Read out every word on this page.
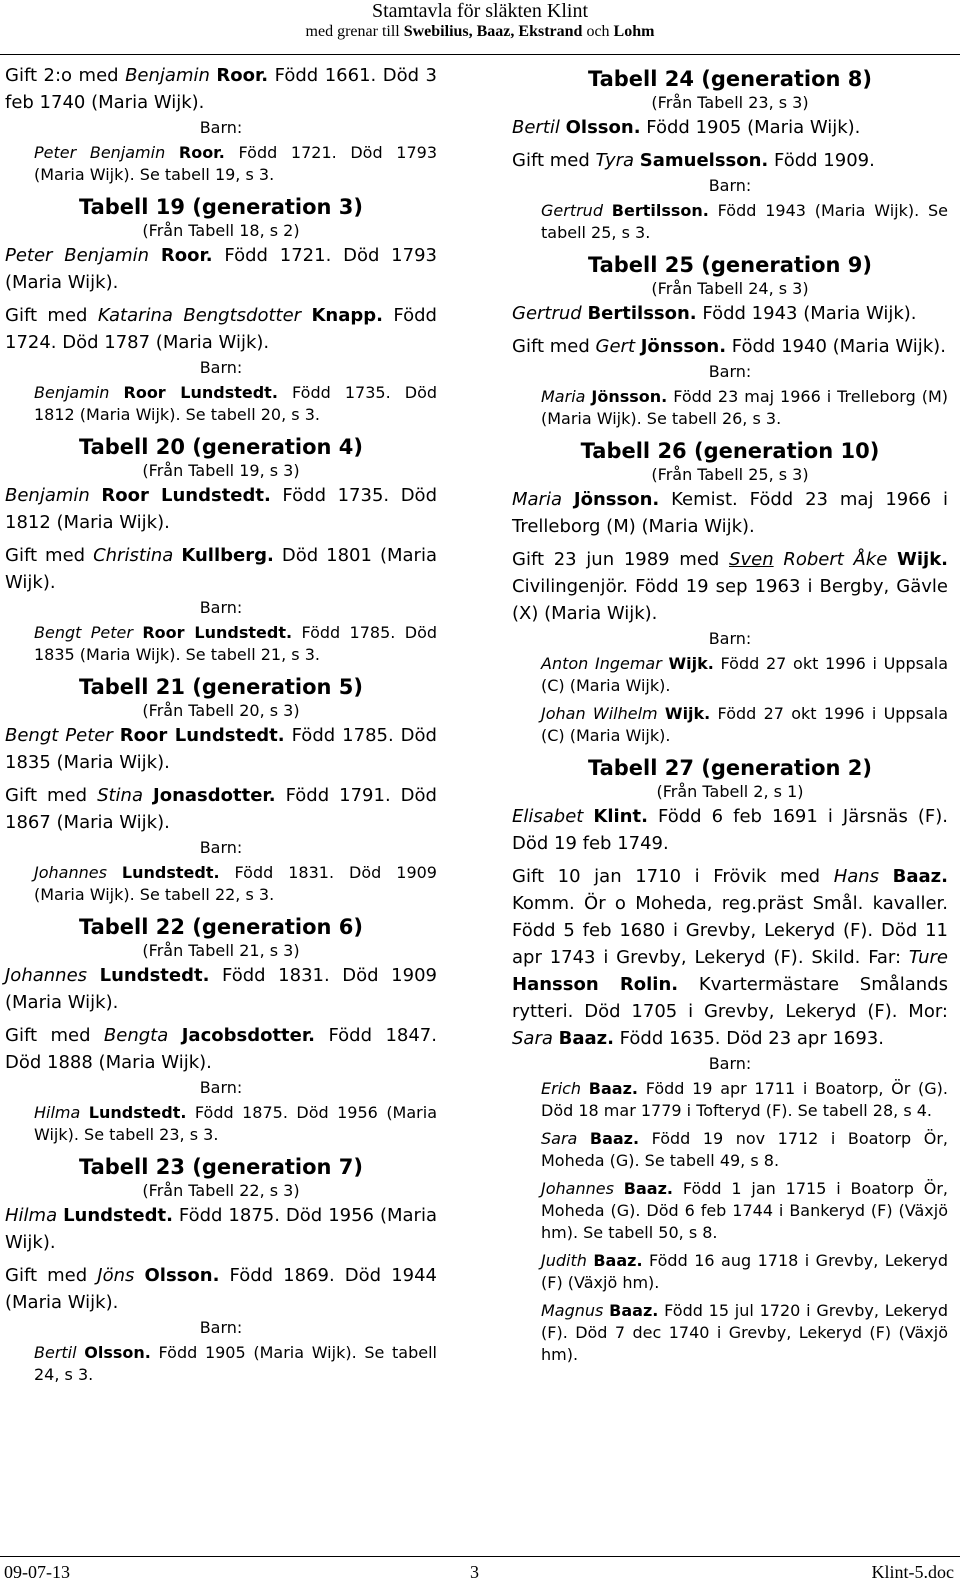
Stamtavla för släkten Klint
med grenar till Swebilius, Baaz, Ekstrand och Lohm

Gift 2:o med Benjamin Roor. Född 1661. Död 3 feb 1740 (Maria Wijk).

Barn:

Peter Benjamin Roor. Född 1721. Död 1793 (Maria Wijk). Se tabell 19, s 3.

Tabell 19 (generation 3)

(Från Tabell 18, s 2)

Peter Benjamin Roor. Född 1721. Död 1793 (Maria Wijk).

Gift med Katarina Bengtsdotter Knapp. Född 1724. Död 1787 (Maria Wijk).

Barn:

Benjamin Roor Lundstedt. Född 1735. Död 1812 (Maria Wijk). Se tabell 20, s 3.

Tabell 20 (generation 4)

(Från Tabell 19, s 3)

Benjamin Roor Lundstedt. Född 1735. Död 1812 (Maria Wijk).

Gift med Christina Kullberg. Död 1801 (Maria Wijk).

Barn:

Bengt Peter Roor Lundstedt. Född 1785. Död 1835 (Maria Wijk). Se tabell 21, s 3.

Tabell 21 (generation 5)

(Från Tabell 20, s 3)

Bengt Peter Roor Lundstedt. Född 1785. Död 1835 (Maria Wijk).

Gift med Stina Jonasdotter. Född 1791. Död 1867 (Maria Wijk).

Barn:

Johannes Lundstedt. Född 1831. Död 1909 (Maria Wijk). Se tabell 22, s 3.

Tabell 22 (generation 6)

(Från Tabell 21, s 3)

Johannes Lundstedt. Född 1831. Död 1909 (Maria Wijk).

Gift med Bengta Jacobsdotter. Född 1847. Död 1888 (Maria Wijk).

Barn:

Hilma Lundstedt. Född 1875. Död 1956 (Maria Wijk). Se tabell 23, s 3.

Tabell 23 (generation 7)

(Från Tabell 22, s 3)

Hilma Lundstedt. Född 1875. Död 1956 (Maria Wijk).

Gift med Jöns Olsson. Född 1869. Död 1944 (Maria Wijk).

Barn:

Bertil Olsson. Född 1905 (Maria Wijk). Se tabell 24, s 3.

Tabell 24 (generation 8)

(Från Tabell 23, s 3)

Bertil Olsson. Född 1905 (Maria Wijk).

Gift med Tyra Samuelsson. Född 1909.

Barn:

Gertrud Bertilsson. Född 1943 (Maria Wijk). Se tabell 25, s 3.

Tabell 25 (generation 9)

(Från Tabell 24, s 3)

Gertrud Bertilsson. Född 1943 (Maria Wijk).

Gift med Gert Jönsson. Född 1940 (Maria Wijk).

Barn:

Maria Jönsson. Född 23 maj 1966 i Trelleborg (M) (Maria Wijk). Se tabell 26, s 3.

Tabell 26 (generation 10)

(Från Tabell 25, s 3)

Maria Jönsson. Kemist. Född 23 maj 1966 i Trelleborg (M) (Maria Wijk).

Gift 23 jun 1989 med Sven Robert Åke Wijk. Civilingenjör. Född 19 sep 1963 i Bergby, Gävle (X) (Maria Wijk).

Barn:

Anton Ingemar Wijk. Född 27 okt 1996 i Uppsala (C) (Maria Wijk).

Johan Wilhelm Wijk. Född 27 okt 1996 i Uppsala (C) (Maria Wijk).

Tabell 27 (generation 2)

(Från Tabell 2, s 1)

Elisabet Klint. Född 6 feb 1691 i Järsnäs (F). Död 19 feb 1749.

Gift 10 jan 1710 i Frövik med Hans Baaz. Komm. Ör o Moheda, reg.präst Smål. kavaller. Född 5 feb 1680 i Grevby, Lekeryd (F). Död 11 apr 1743 i Grevby, Lekeryd (F). Skild. Far: Ture Hansson Rolin. Kvartermästare Smålands rytteri. Död 1705 i Grevby, Lekeryd (F). Mor: Sara Baaz. Född 1635. Död 23 apr 1693.

Barn:

Erich Baaz. Född 19 apr 1711 i Boatorp, Ör (G). Död 18 mar 1779 i Tofteryd (F). Se tabell 28, s 4.

Sara Baaz. Född 19 nov 1712 i Boatorp Ör, Moheda (G). Se tabell 49, s 8.

Johannes Baaz. Född 1 jan 1715 i Boatorp Ör, Moheda (G). Död 6 feb 1744 i Bankeryd (F) (Växjö hm). Se tabell 50, s 8.

Judith Baaz. Född 16 aug 1718 i Grevby, Lekeryd (F) (Växjö hm).

Magnus Baaz. Född 15 jul 1720 i Grevby, Lekeryd (F). Död 7 dec 1740 i Grevby, Lekeryd (F) (Växjö hm).

09-07-13	3	Klint-5.doc
